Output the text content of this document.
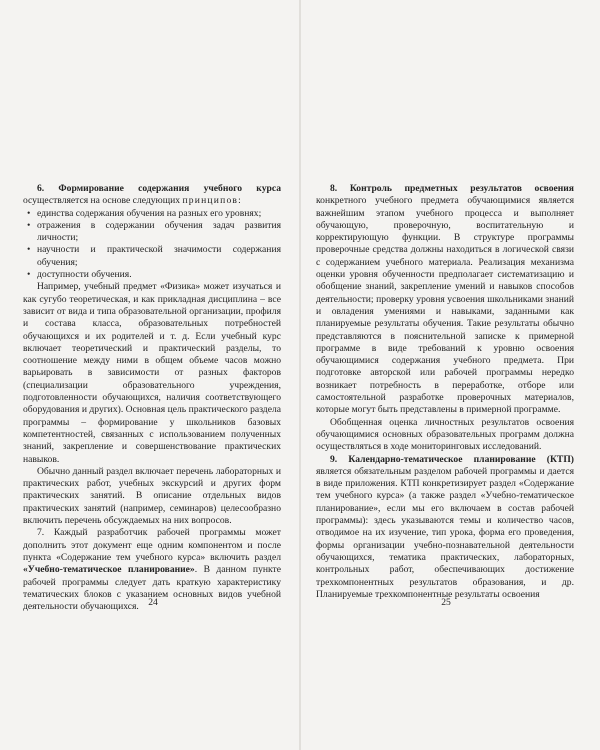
6. Формирование содержания учебного курса осуществляется на основе следующих принципов:

• единства содержания обучения на разных его уровнях;
• отражения в содержании обучения задач развития личности;
• научности и практической значимости содержания обучения;
• доступности обучения.

Например, учебный предмет «Физика» может изучаться и как сугубо теоретическая, и как прикладная дисциплина – все зависит от вида и типа образовательной организации, профиля и состава класса, образовательных потребностей обучающихся и их родителей и т. д. Если учебный курс включает теоретический и практический разделы, то соотношение между ними в общем объеме часов можно варьировать в зависимости от разных факторов (специализации образовательного учреждения, подготовленности обучающихся, наличия соответствующего оборудования и других). Основная цель практического раздела программы – формирование у школьников базовых компетентностей, связанных с использованием полученных знаний, закрепление и совершенствование практических навыков.

Обычно данный раздел включает перечень лабораторных и практических работ, учебных экскурсий и других форм практических занятий. В описание отдельных видов практических занятий (например, семинаров) целесообразно включить перечень обсуждаемых на них вопросов.

7. Каждый разработчик рабочей программы может дополнить этот документ еще одним компонентом и после пункта «Содержание тем учебного курса» включить раздел «Учебно-тематическое планирование». В данном пункте рабочей программы следует дать краткую характеристику тематических блоков с указанием основных видов учебной деятельности обучающихся. 24

8. Контроль предметных результатов освоения конкретного учебного предмета обучающимися является важнейшим этапом учебного процесса и выполняет обучающую, проверочную, воспитательную и корректирующую функции. В структуре программы проверочные средства должны находиться в логической связи с содержанием учебного материала. Реализация механизма оценки уровня обученности предполагает систематизацию и обобщение знаний, закрепление умений и навыков способов деятельности; проверку уровня усвоения школьниками знаний и овладения умениями и навыками, заданными как планируемые результаты обучения. Такие результаты обычно представляются в пояснительной записке к примерной программе в виде требований к уровню освоения обучающимися содержания учебного предмета. При подготовке авторской или рабочей программы нередко возникает потребность в переработке, отборе или самостоятельной разработке проверочных материалов, которые могут быть представлены в примерной программе.

Обобщенная оценка личностных результатов освоения обучающимися основных образовательных программ должна осуществляться в ходе мониторинговых исследований.

9. Календарно-тематическое планирование (КТП) является обязательным разделом рабочей программы и дается в виде приложения. КТП конкретизирует раздел «Содержание тем учебного курса» (а также раздел «Учебно-тематическое планирование», если мы его включаем в состав рабочей программы): здесь указываются темы и количество часов, отводимое на их изучение, тип урока, форма его проведения, формы организации учебно-познавательной деятельности обучающихся, тематика практических, лабораторных, контрольных работ, обеспечивающих достижение трехкомпонентных результатов образования, и др. Планируемые трехкомпонентные результаты освоения

25
